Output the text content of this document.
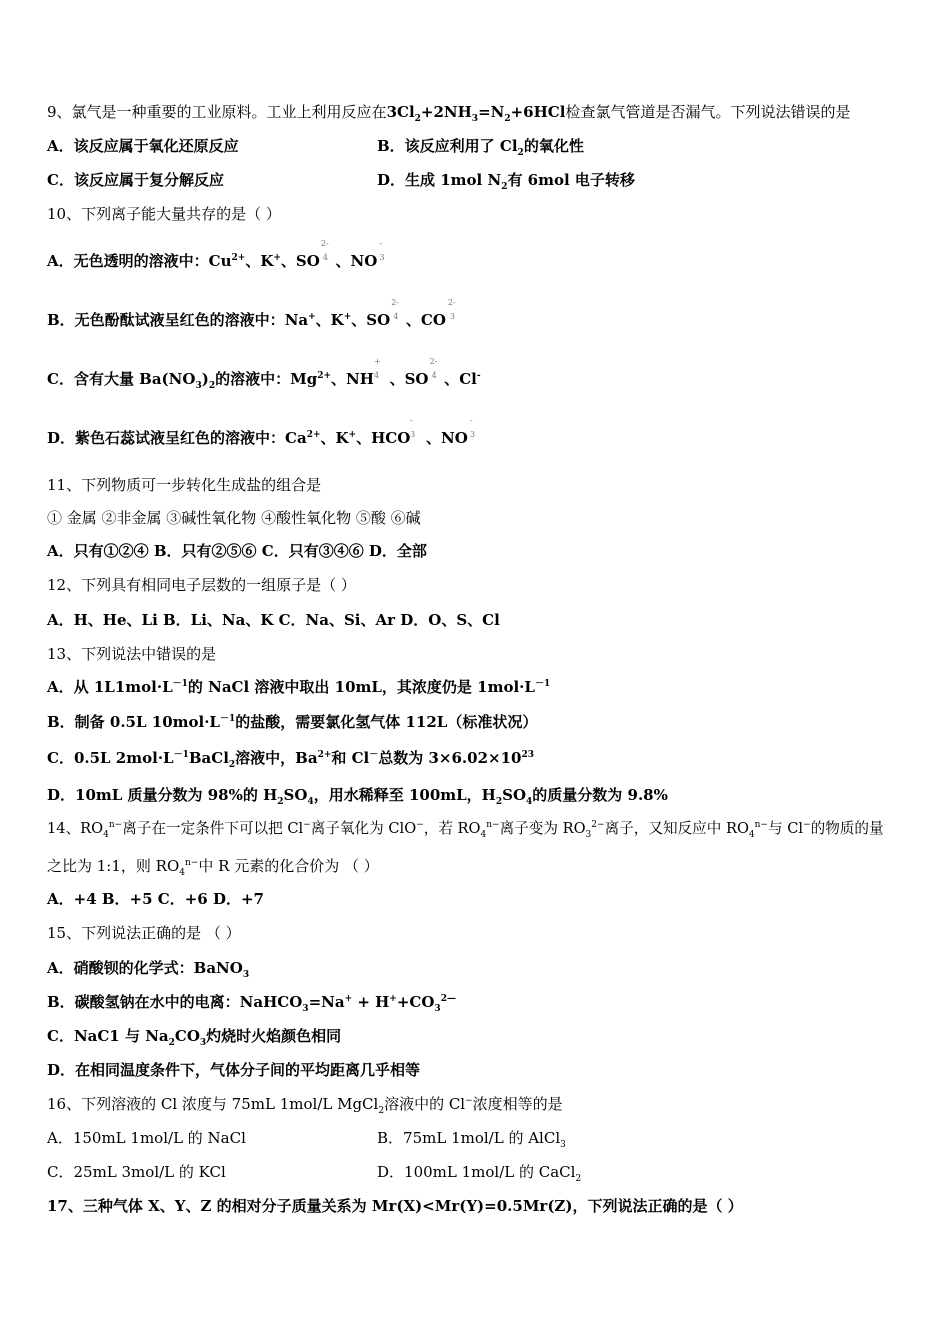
9、氯气是一种重要的工业原料。工业上利用反应在$3Cl_2+2NH_3=N_2+6HCl$检查氯气管道是否漏气。下列说法错误的是
A．该反应属于氧化还原反应	B．该反应利用了 $Cl_2$的氧化性
C．该反应属于复分解反应	D．生成 1mol $N_2$有 6mol 电子转移
10、下列离子能大量共存的是（ ）
A．无色透明的溶液中：$Cu^{2+}$、K+、SO
2-
4 、NO
-
3
B．无色酚酞试液呈红色的溶液中：Na+、K+、SO
2-
4 、CO
2-
3
C．含有大量 $Ba(NO_3)_2$的溶液中：$Mg^{2+}$、NH
+
4 、SO
2-
4 、Cl-
D．紫色石蕊试液呈红色的溶液中：$Ca^{2+}$、K+、HCO
-
3 、NO
-
3
11、下列物质可一步转化生成盐的组合是
① 金属 ②非金属 ③碱性氧化物 ④酸性氧化物 ⑤酸 ⑥碱
A．只有①②④ B．只有②⑤⑥ C．只有③④⑥ D．全部
12、下列具有相同电子层数的一组原子是（ ）
A．H、He、Li B．Li、Na、K C．Na、Si、Ar D．O、S、Cl
13、下列说法中错误的是
A．从 $1L1mol\cdot L^{-1}$的 NaCl 溶液中取出 10mL，其浓度仍是 $1mol\cdot L^{-1}$
B．制备 0.5L $10mol\cdot L^{-1}$的盐酸，需要氯化氢气体 112L（标准状况）
C．0.5L $2mol\cdot L^{-1}BaCl_2$溶液中，$Ba^{2+}$和 Cl－总数为 $3\times 6.02\times 10^{23}$
D．10mL 质量分数为 98%的 $H_2SO_4$，用水稀释至 100mL，$H_2SO_4$的质量分数为 9.8%
14、$RO_4^{n-}$离子在一定条件下可以把 Cl−离子氧化为 ClO−，若 $RO_4^{n-}$离子变为 $RO_3^{2-}$离子，又知反应中 $RO_4^{n-}$与 Cl−的物质的量
之比为 1:1，则 $RO_4^{n-}$中 R 元素的化合价为 （ ）
A．+4 B．+5 C．+6 D．+7
15、下列说法正确的是 （ ）
A．硝酸钡的化学式：BaNO$_3$
B．碳酸氢钠在水中的电离：NaHCO$_3$=Na+ + $H^++CO_3^{2—}$
C．NaC1 与 $Na_2CO_3$灼烧时火焰颜色相同
D．在相同温度条件下，气体分子间的平均距离几乎相等
16、下列溶液的 Cl 浓度与 75mL 1mol/L MgCl$_2$溶液中的 Cl−浓度相等的是
A．150mL 1mol/L 的 NaCl	B．75mL 1mol/L 的 AlCl$_3$
C．25mL 3mol/L 的 KCl	D．100mL 1mol/L 的 CaCl$_2$
17、三种气体 X、Y、Z 的相对分子质量关系为 Mr(X)<Mr(Y)=0.5Mr(Z)，下列说法正确的是（ ）
